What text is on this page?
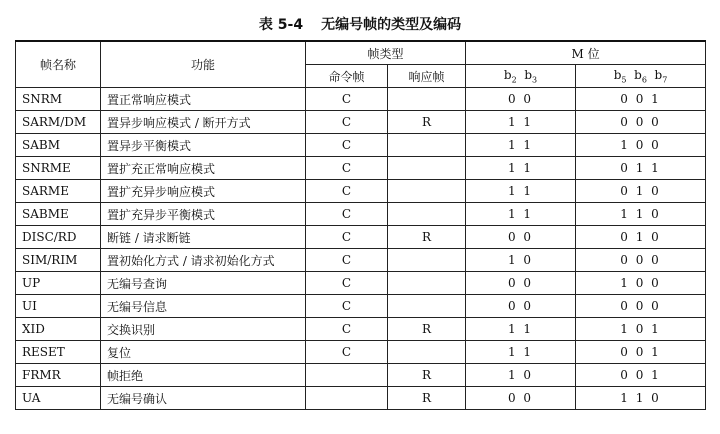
表 5-4 无编号帧的类型及编码
帧名称	功能	帧类型		M 位	
		命令帧	响应帧	$b_2$  $b_3$	$b_5$  $b_6$  $b_7$
SNRM	置正常响应模式	C		0 0	0 0 1
SARM/DM	置异步响应模式 / 断开方式	C	R	1 1	0 0 0
SABM	置异步平衡模式	C		1 1	1 0 0
SNRME	置扩充正常响应模式	C		1 1	0 1 1
SARME	置扩充异步响应模式	C		1 1	0 1 0
SABME	置扩充异步平衡模式	C		1 1	1 1 0
DISC/RD	断链 / 请求断链	C	R	0 0	0 1 0
SIM/RIM	置初始化方式 / 请求初始化方式	C		1 0	0 0 0
UP	无编号查询	C		0 0	1 0 0
UI	无编号信息	C		0 0	0 0 0
XID	交换识别	C	R	1 1	1 0 1
RESET	复位	C		1 1	0 0 1
FRMR	帧拒绝		R	1 0	0 0 1
UA	无编号确认		R	0 0	1 1 0
